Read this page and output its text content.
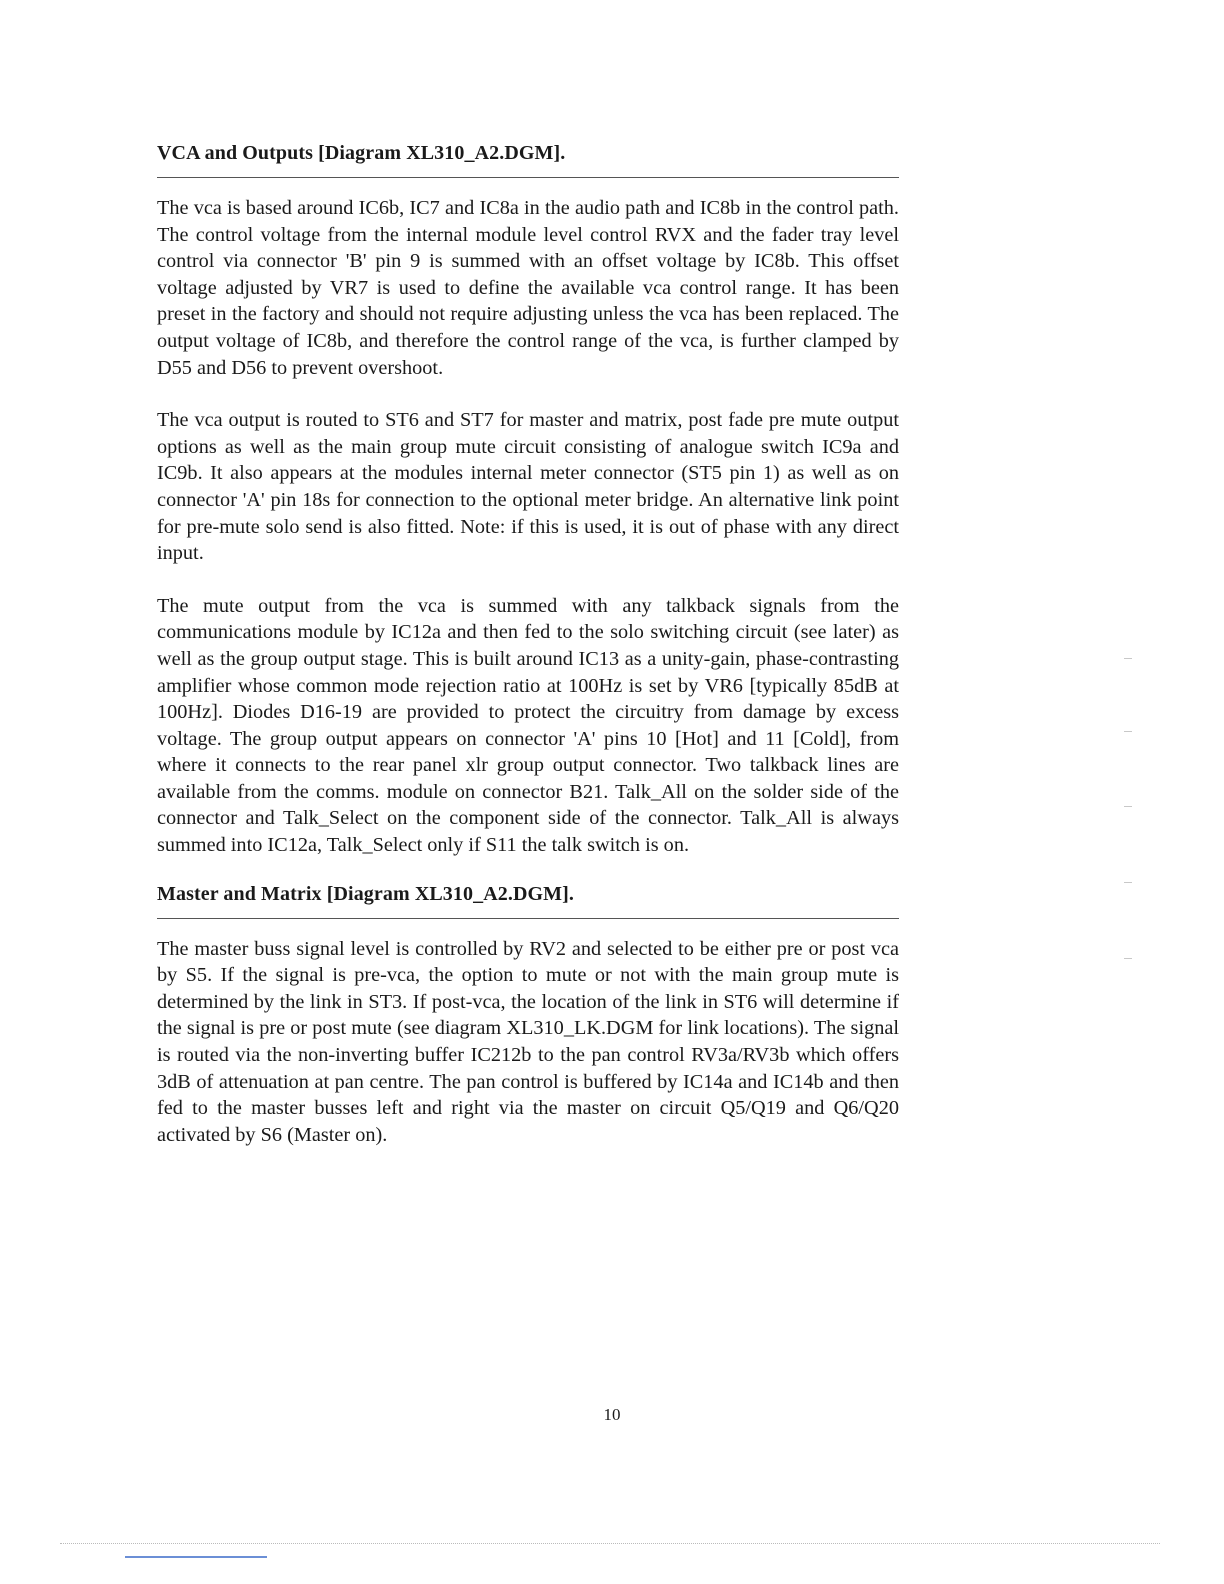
VCA and Outputs [Diagram XL310_A2.DGM].

The vca is based around IC6b, IC7 and IC8a in the audio path and IC8b in the control path. The control voltage from the internal module level control RVX and the fader tray level control via connector 'B' pin 9 is summed with an offset voltage by IC8b. This offset voltage adjusted by VR7 is used to define the available vca control range. It has been preset in the factory and should not require adjusting unless the vca has been replaced. The output voltage of IC8b, and therefore the control range of the vca, is further clamped by D55 and D56 to prevent overshoot.

The vca output is routed to ST6 and ST7 for master and matrix, post fade pre mute output options as well as the main group mute circuit consisting of analogue switch IC9a and IC9b. It also appears at the modules internal meter connector (ST5 pin 1) as well as on connector 'A' pin 18s for connection to the optional meter bridge. An alternative link point for pre-mute solo send is also fitted. Note: if this is used, it is out of phase with any direct input.

The mute output from the vca is summed with any talkback signals from the communications module by IC12a and then fed to the solo switching circuit (see later) as well as the group output stage. This is built around IC13 as a unity-gain, phase-contrasting amplifier whose common mode rejection ratio at 100Hz is set by VR6 [typically 85dB at 100Hz]. Diodes D16-19 are provided to protect the circuitry from damage by excess voltage. The group output appears on connector 'A' pins 10 [Hot] and 11 [Cold], from where it connects to the rear panel xlr group output connector. Two talkback lines are available from the comms. module on connector B21. Talk_All on the solder side of the connector and Talk_Select on the component side of the connector. Talk_All is always summed into IC12a, Talk_Select only if S11 the talk switch is on.

Master and Matrix [Diagram XL310_A2.DGM].

The master buss signal level is controlled by RV2 and selected to be either pre or post vca by S5. If the signal is pre-vca, the option to mute or not with the main group mute is determined by the link in ST3. If post-vca, the location of the link in ST6 will determine if the signal is pre or post mute (see diagram XL310_LK.DGM for link locations). The signal is routed via the non-inverting buffer IC212b to the pan control RV3a/RV3b which offers 3dB of attenuation at pan centre. The pan control is buffered by IC14a and IC14b and then fed to the master busses left and right via the master on circuit Q5/Q19 and Q6/Q20 activated by S6 (Master on).

10
